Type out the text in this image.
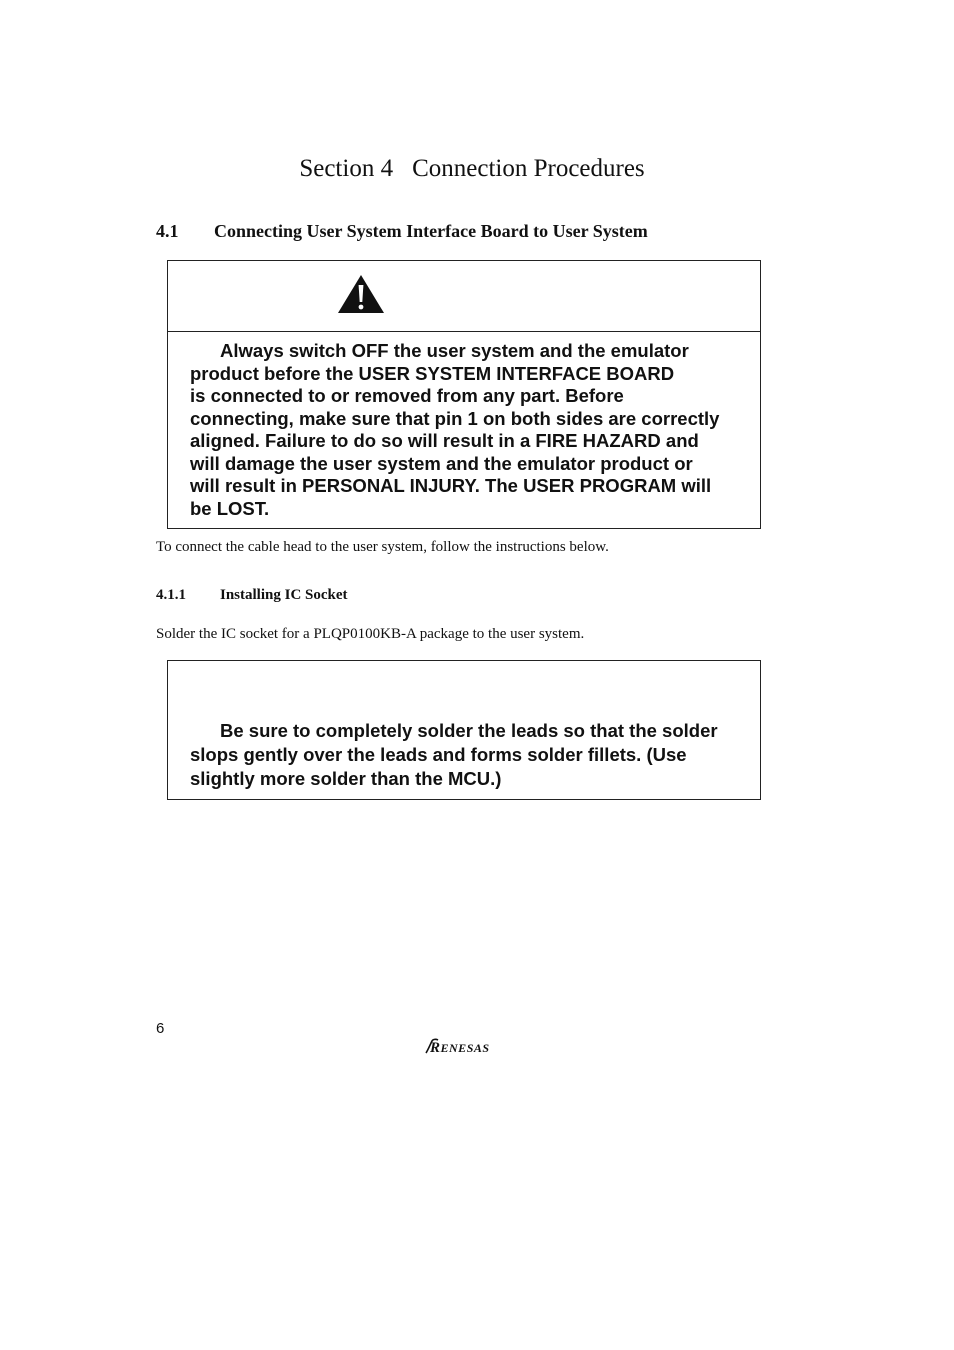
Section 4 Connection Procedures
4.1 Connecting User System Interface Board to User System
Always switch OFF the user system and the emulator
product before the USER SYSTEM INTERFACE BOARD
is connected to or removed from any part. Before
connecting, make sure that pin 1 on both sides are correctly
aligned. Failure to do so will result in a FIRE HAZARD and
will damage the user system and the emulator product or
will result in PERSONAL INJURY. The USER PROGRAM will
be LOST.
To connect the cable head to the user system, follow the instructions below.
4.1.1 Installing IC Socket
Solder the IC socket for a PLQP0100KB-A package to the user system.
Be sure to completely solder the leads so that the solder
slops gently over the leads and forms solder fillets. (Use
slightly more solder than the MCU.)
6
RENESAS
